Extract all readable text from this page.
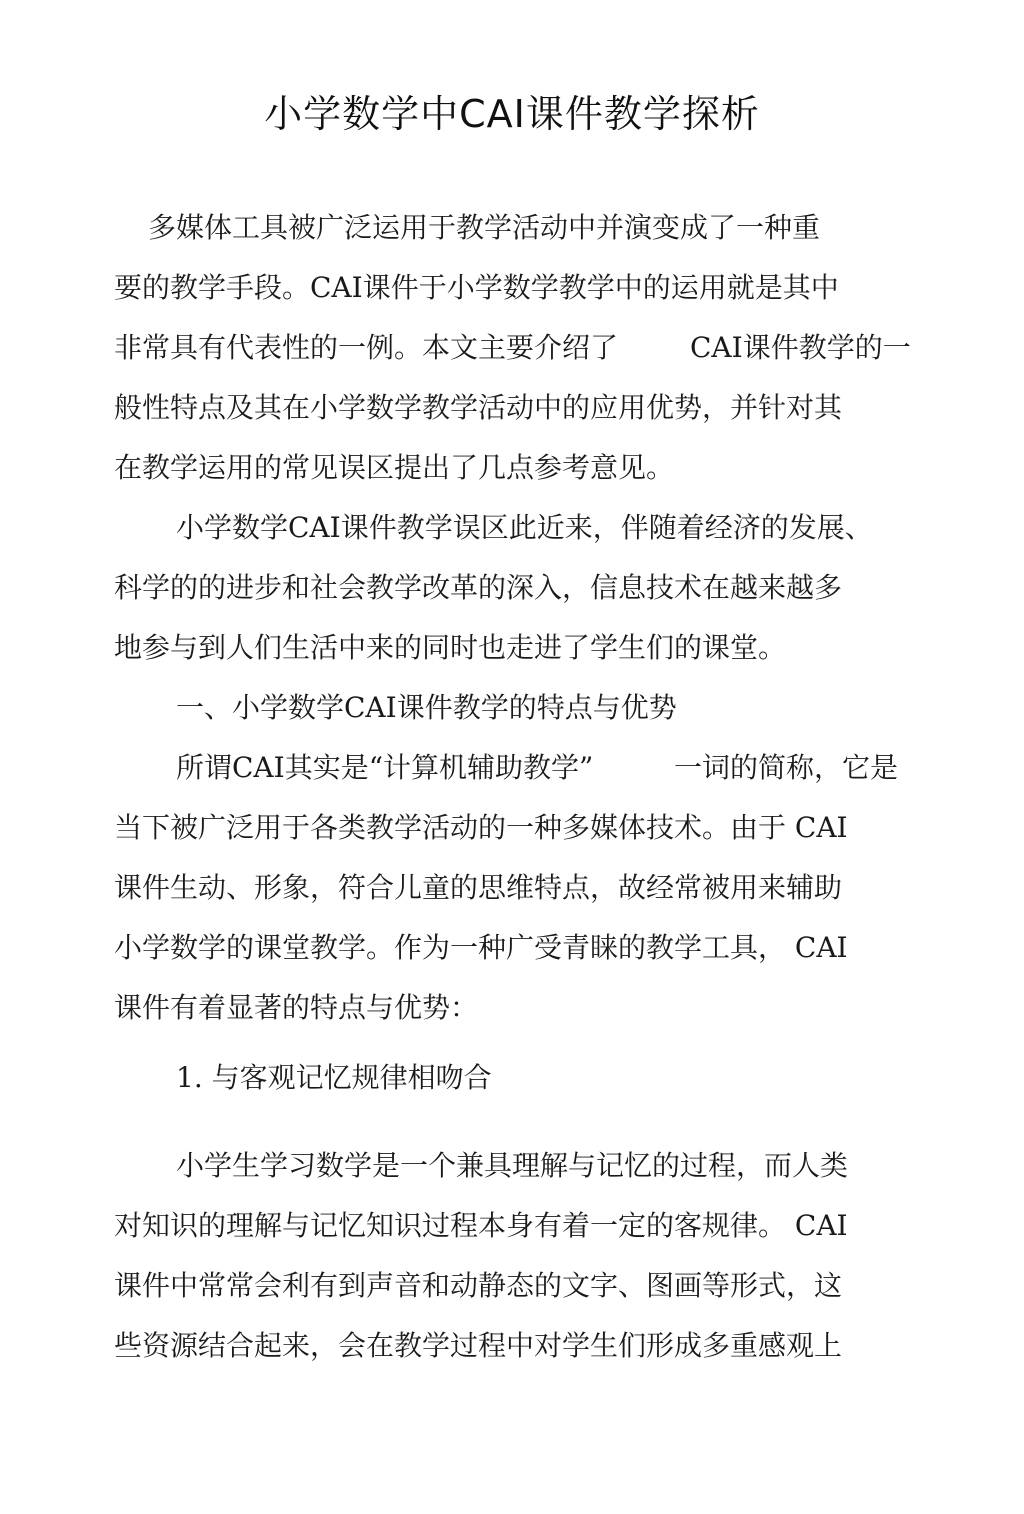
小学数学中CAI课件教学探析
多媒体工具被广泛运用于教学活动中并演变成了一种重
要的教学手段。CAI课件于小学数学教学中的运用就是其中
非常具有代表性的一例。本文主要介绍了	CAI课件教学的一
般性特点及其在小学数学教学活动中的应用优势，并针对其
在教学运用的常见误区提出了几点参考意见。
小学数学CAI课件教学误区此近来，伴随着经济的发展、
科学的的进步和社会教学改革的深入，信息技术在越来越多
地参与到人们生活中来的同时也走进了学生们的课堂。
一、小学数学CAI课件教学的特点与优势
所谓CAI其实是“计算机辅助教学”	一词的简称，它是
当下被广泛用于各类教学活动的一种多媒体技术。由于 CAI
课件生动、形象，符合儿童的思维特点，故经常被用来辅助
小学数学的课堂教学。作为一种广受青睐的教学工具， CAI
课件有着显著的特点与优势：
1. 与客观记忆规律相吻合
小学生学习数学是一个兼具理解与记忆的过程，而人类
对知识的理解与记忆知识过程本身有着一定的客规律。 CAI
课件中常常会利有到声音和动静态的文字、图画等形式，这
些资源结合起来，会在教学过程中对学生们形成多重感观上
